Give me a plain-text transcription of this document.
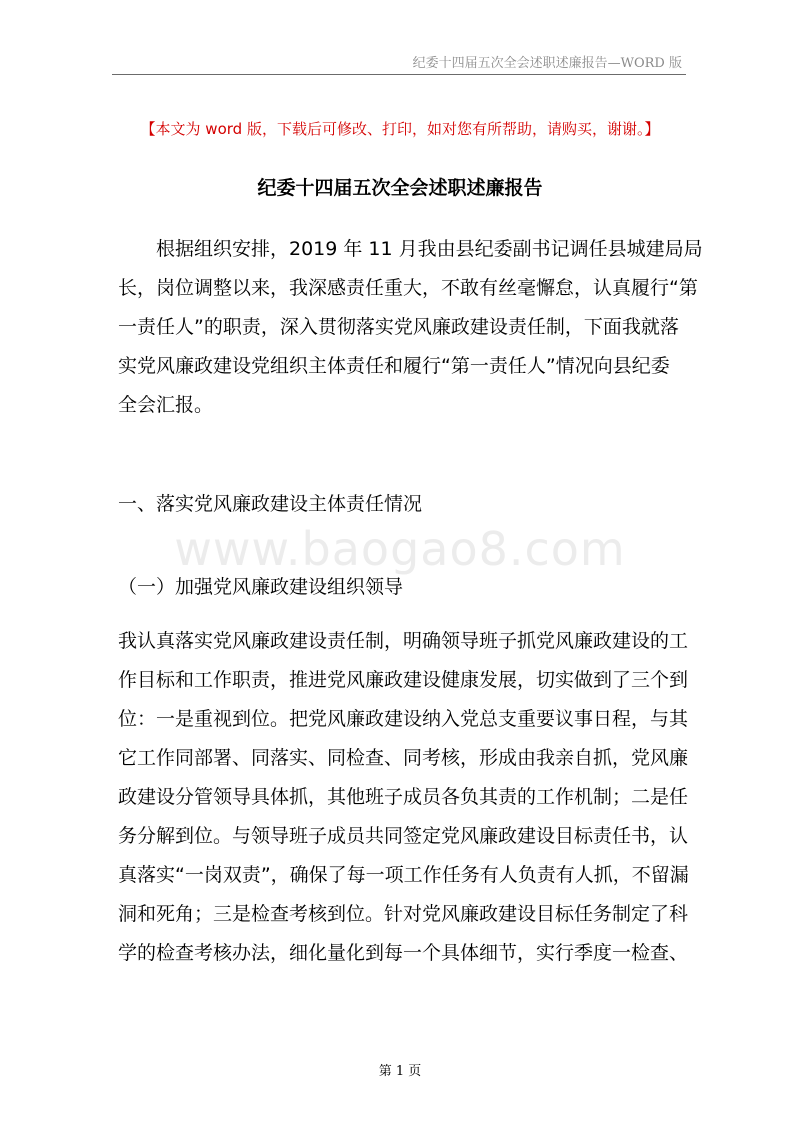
纪委十四届五次全会述职述廉报告—WORD 版
【本文为 word 版，下载后可修改、打印，如对您有所帮助，请购买，谢谢。】
纪委十四届五次全会述职述廉报告
　　根据组织安排，2019 年 11 月我由县纪委副书记调任县城建局局
长，岗位调整以来，我深感责任重大，不敢有丝毫懈怠，认真履行“第
一责任人”的职责，深入贯彻落实党风廉政建设责任制，下面我就落
实党风廉政建设党组织主体责任和履行“第一责任人”情况向县纪委
全会汇报。
一、落实党风廉政建设主体责任情况
www.baogao8.com
（一）加强党风廉政建设组织领导
我认真落实党风廉政建设责任制，明确领导班子抓党风廉政建设的工
作目标和工作职责，推进党风廉政建设健康发展，切实做到了三个到
位：一是重视到位。把党风廉政建设纳入党总支重要议事日程，与其
它工作同部署、同落实、同检查、同考核，形成由我亲自抓，党风廉
政建设分管领导具体抓，其他班子成员各负其责的工作机制；二是任
务分解到位。与领导班子成员共同签定党风廉政建设目标责任书，认
真落实“一岗双责”，确保了每一项工作任务有人负责有人抓，不留漏
洞和死角；三是检查考核到位。针对党风廉政建设目标任务制定了科
学的检查考核办法，细化量化到每一个具体细节，实行季度一检查、
第 1 页
